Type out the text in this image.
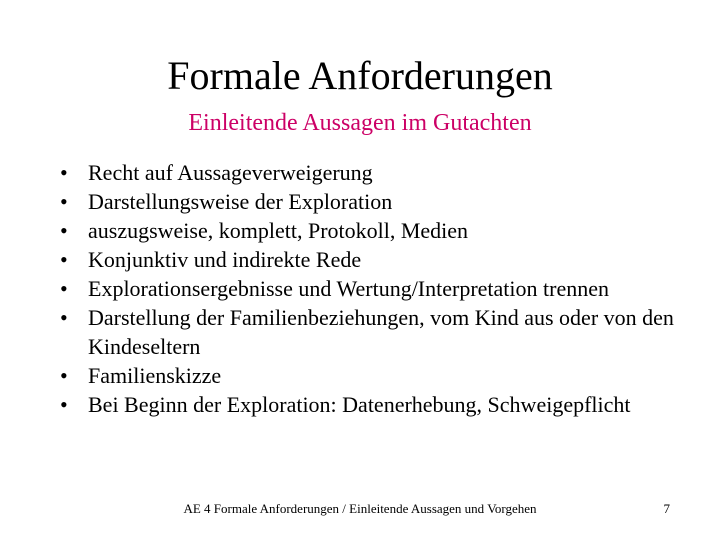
Formale Anforderungen
Einleitende Aussagen im Gutachten
• Recht auf Aussageverweigerung
• Darstellungsweise der Exploration
• auszugsweise, komplett, Protokoll, Medien
• Konjunktiv und indirekte Rede
• Explorationsergebnisse und Wertung/Interpretation trennen
• Darstellung der Familienbeziehungen, vom Kind aus oder von den Kindeseltern
• Familienskizze
• Bei Beginn der Exploration: Datenerhebung, Schweigepflicht
AE 4 Formale Anforderungen / Einleitende Aussagen und Vorgehen	7
